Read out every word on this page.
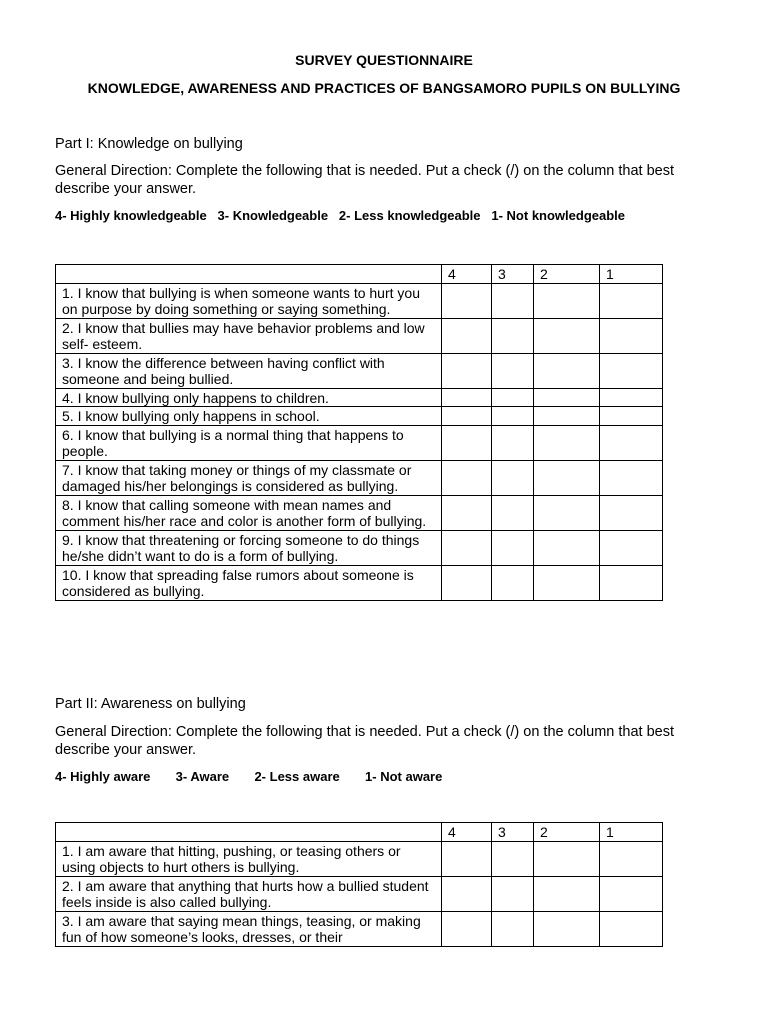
SURVEY QUESTIONNAIRE
KNOWLEDGE, AWARENESS AND PRACTICES OF BANGSAMORO PUPILS ON BULLYING

Part I: Knowledge on bullying

General Direction: Complete the following that is needed. Put a check (/) on the column that best describe your answer.

4- Highly knowledgeable 3- Knowledgeable 2- Less knowledgeable 1- Not knowledgeable

	4	3	2	1
1. I know that bullying is when someone wants to hurt you on purpose by doing something or saying something.				
2. I know that bullies may have behavior problems and low self- esteem.				
3. I know the difference between having conflict with someone and being bullied.				
4. I know bullying only happens to children.				
5. I know bullying only happens in school.				
6. I know that bullying is a normal thing that happens to people.				
7. I know that taking money or things of my classmate or damaged his/her belongings is considered as bullying.				
8. I know that calling someone with mean names and comment his/her race and color is another form of bullying.				
9. I know that threatening or forcing someone to do things he/she didn’t want to do is a form of bullying.				
10. I know that spreading false rumors about someone is considered as bullying.				

Part II: Awareness on bullying

General Direction: Complete the following that is needed. Put a check (/) on the column that best describe your answer.

4- Highly aware 3- Aware 2- Less aware 1- Not aware

	4	3	2	1
1. I am aware that hitting, pushing, or teasing others or using objects to hurt others is bullying.				
2. I am aware that anything that hurts how a bullied student feels inside is also called bullying.				
3. I am aware that saying mean things, teasing, or making fun of how someone’s looks, dresses, or their				
